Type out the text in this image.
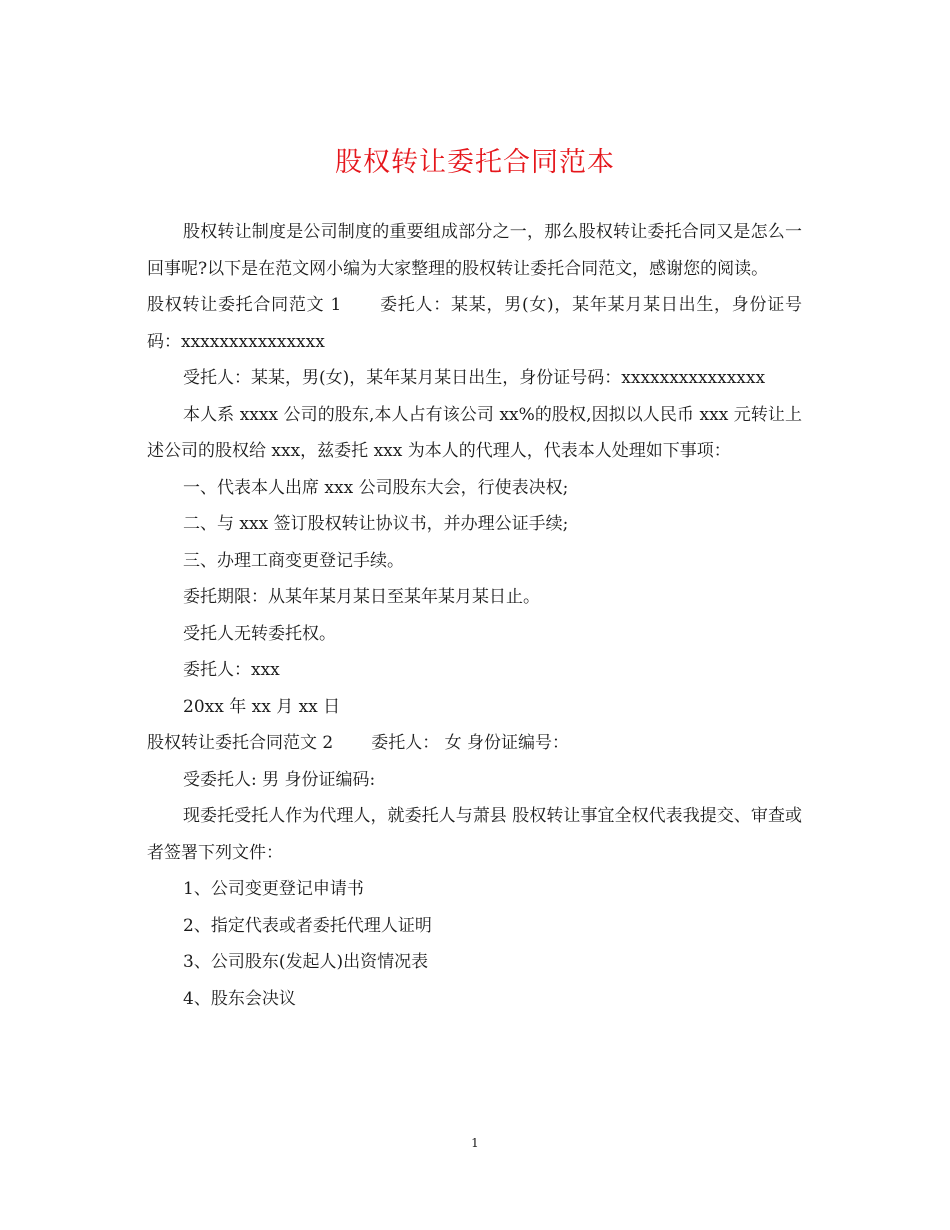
股权转让委托合同范本

股权转让制度是公司制度的重要组成部分之一，那么股权转让委托合同又是怎么一回事呢?以下是在范文网小编为大家整理的股权转让委托合同范文，感谢您的阅读。

股权转让委托合同范文 1 委托人：某某，男(女)，某年某月某日出生，身份证号码：xxxxxxxxxxxxxxx

受托人：某某，男(女)，某年某月某日出生，身份证号码：xxxxxxxxxxxxxxx

本人系 xxxx 公司的股东,本人占有该公司 xx%的股权,因拟以人民币 xxx 元转让上述公司的股权给 xxx，兹委托 xxx 为本人的代理人，代表本人处理如下事项：

一、代表本人出席 xxx 公司股东大会，行使表决权;

二、与 xxx 签订股权转让协议书，并办理公证手续;

三、办理工商变更登记手续。

委托期限：从某年某月某日至某年某月某日止。

受托人无转委托权。

委托人：xxx

20xx 年 xx 月 xx 日

股权转让委托合同范文 2 委托人： 女 身份证编号：

受委托人: 男 身份证编码:

现委托受托人作为代理人，就委托人与萧县 股权转让事宜全权代表我提交、审查或者签署下列文件：

1、公司变更登记申请书

2、指定代表或者委托代理人证明

3、公司股东(发起人)出资情况表

4、股东会决议

1
